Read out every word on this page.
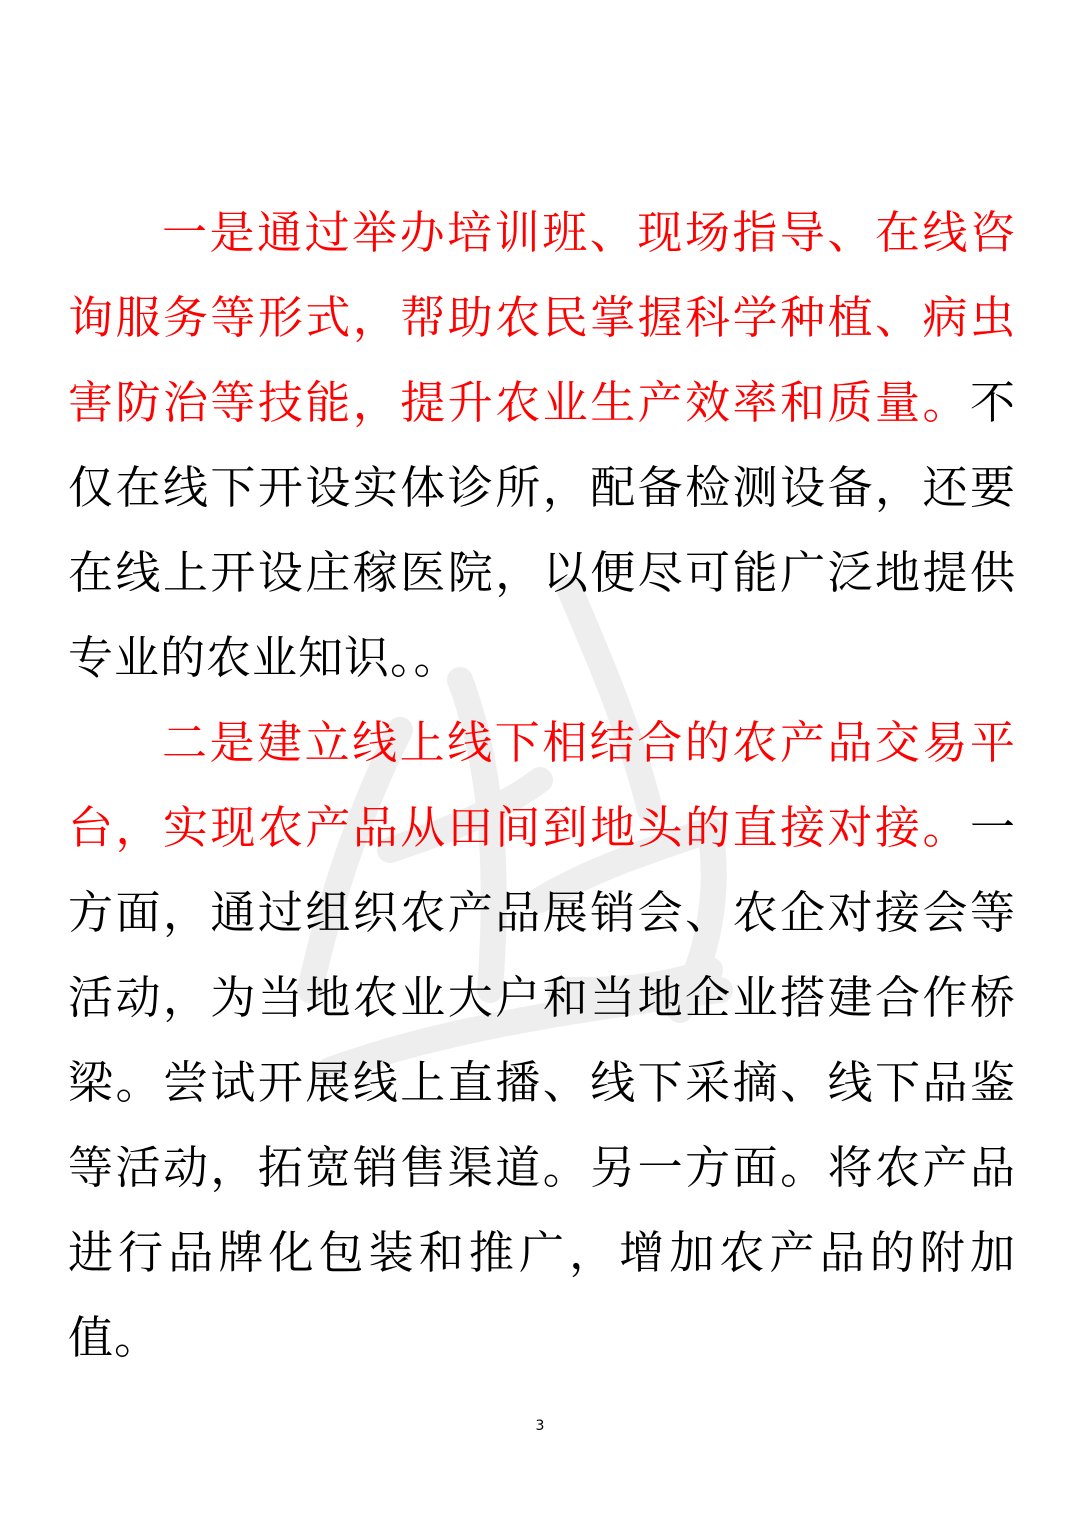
一是通过举办培训班、现场指导、在线咨询服务等形式，帮助农民掌握科学种植、病虫害防治等技能，提升农业生产效率和质量。不仅在线下开设实体诊所，配备检测设备，还要在线上开设庄稼医院，以便尽可能广泛地提供专业的农业知识。。

二是建立线上线下相结合的农产品交易平台，实现农产品从田间到地头的直接对接。一方面，通过组织农产品展销会、农企对接会等活动，为当地农业大户和当地企业搭建合作桥梁。尝试开展线上直播、线下采摘、线下品鉴等活动，拓宽销售渠道。另一方面。将农产品进行品牌化包装和推广，增加农产品的附加值。

3
